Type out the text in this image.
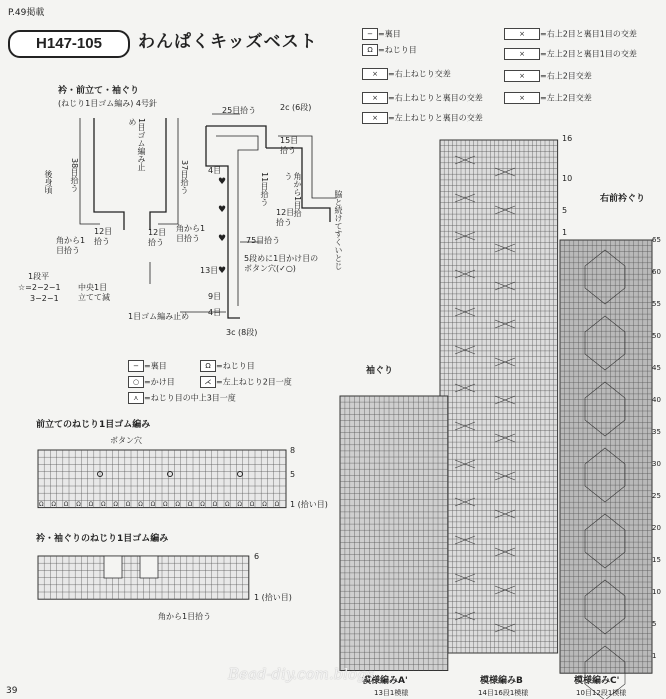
P.49掲載
H147-105	わんぱくキッズベスト	− =裏目
Ω =ねじり目
× =右上ねじり交差
× =右上ねじりと裏目の交差
× =左上ねじりと裏目の交差
× =右上2目と裏目1目の交差
× =左上2目と裏目1目の交差
× =右上2目交差
× =左上2目交差
♥
♥
♥
♥
衿・前立て・袖ぐり
(ねじり1目ゴム編み) 4号針
1目ゴム編み止め
38目拾う
後身頃
12目拾う
角から1目拾う
37目拾う
12目拾う
角から1目拾う
25目拾う	2c (6段)
15目拾う
11目拾う	角から1目拾う
12目拾う
75目拾う	脇と続けてすくいとじ
5段めに1目かけ目のボタン穴(✓○)
1段平
☆=2−2−1
3−2−1
中央1目立てて減
1目ゴム編み止め
3c (8段)
4目
13目
9目
4目
− =裏目	Ω =ねじり目
○ =かけ目	⋌ =左上ねじり2目一度
⋏ =ねじり目の中上3目一度
前立てのねじり1目ゴム編み
ボタン穴
Ω Ω Ω Ω Ω Ω Ω Ω Ω Ω Ω Ω Ω Ω Ω Ω Ω Ω Ω Ω
8
5
1 (拾い目)
衿・袖ぐりのねじり1目ゴム編み
6
1 (拾い目)
角から1目拾う
袖ぐり
右前衿ぐり
16
10
5
1
模様編みA'
13目1模様
模様編みB
14目16段1模様
模様編みC'
10目12段1模様
65
60
55
50
45
40
35
30
25
20
15
10
5
1
39
Bead-diy.com.blogs
